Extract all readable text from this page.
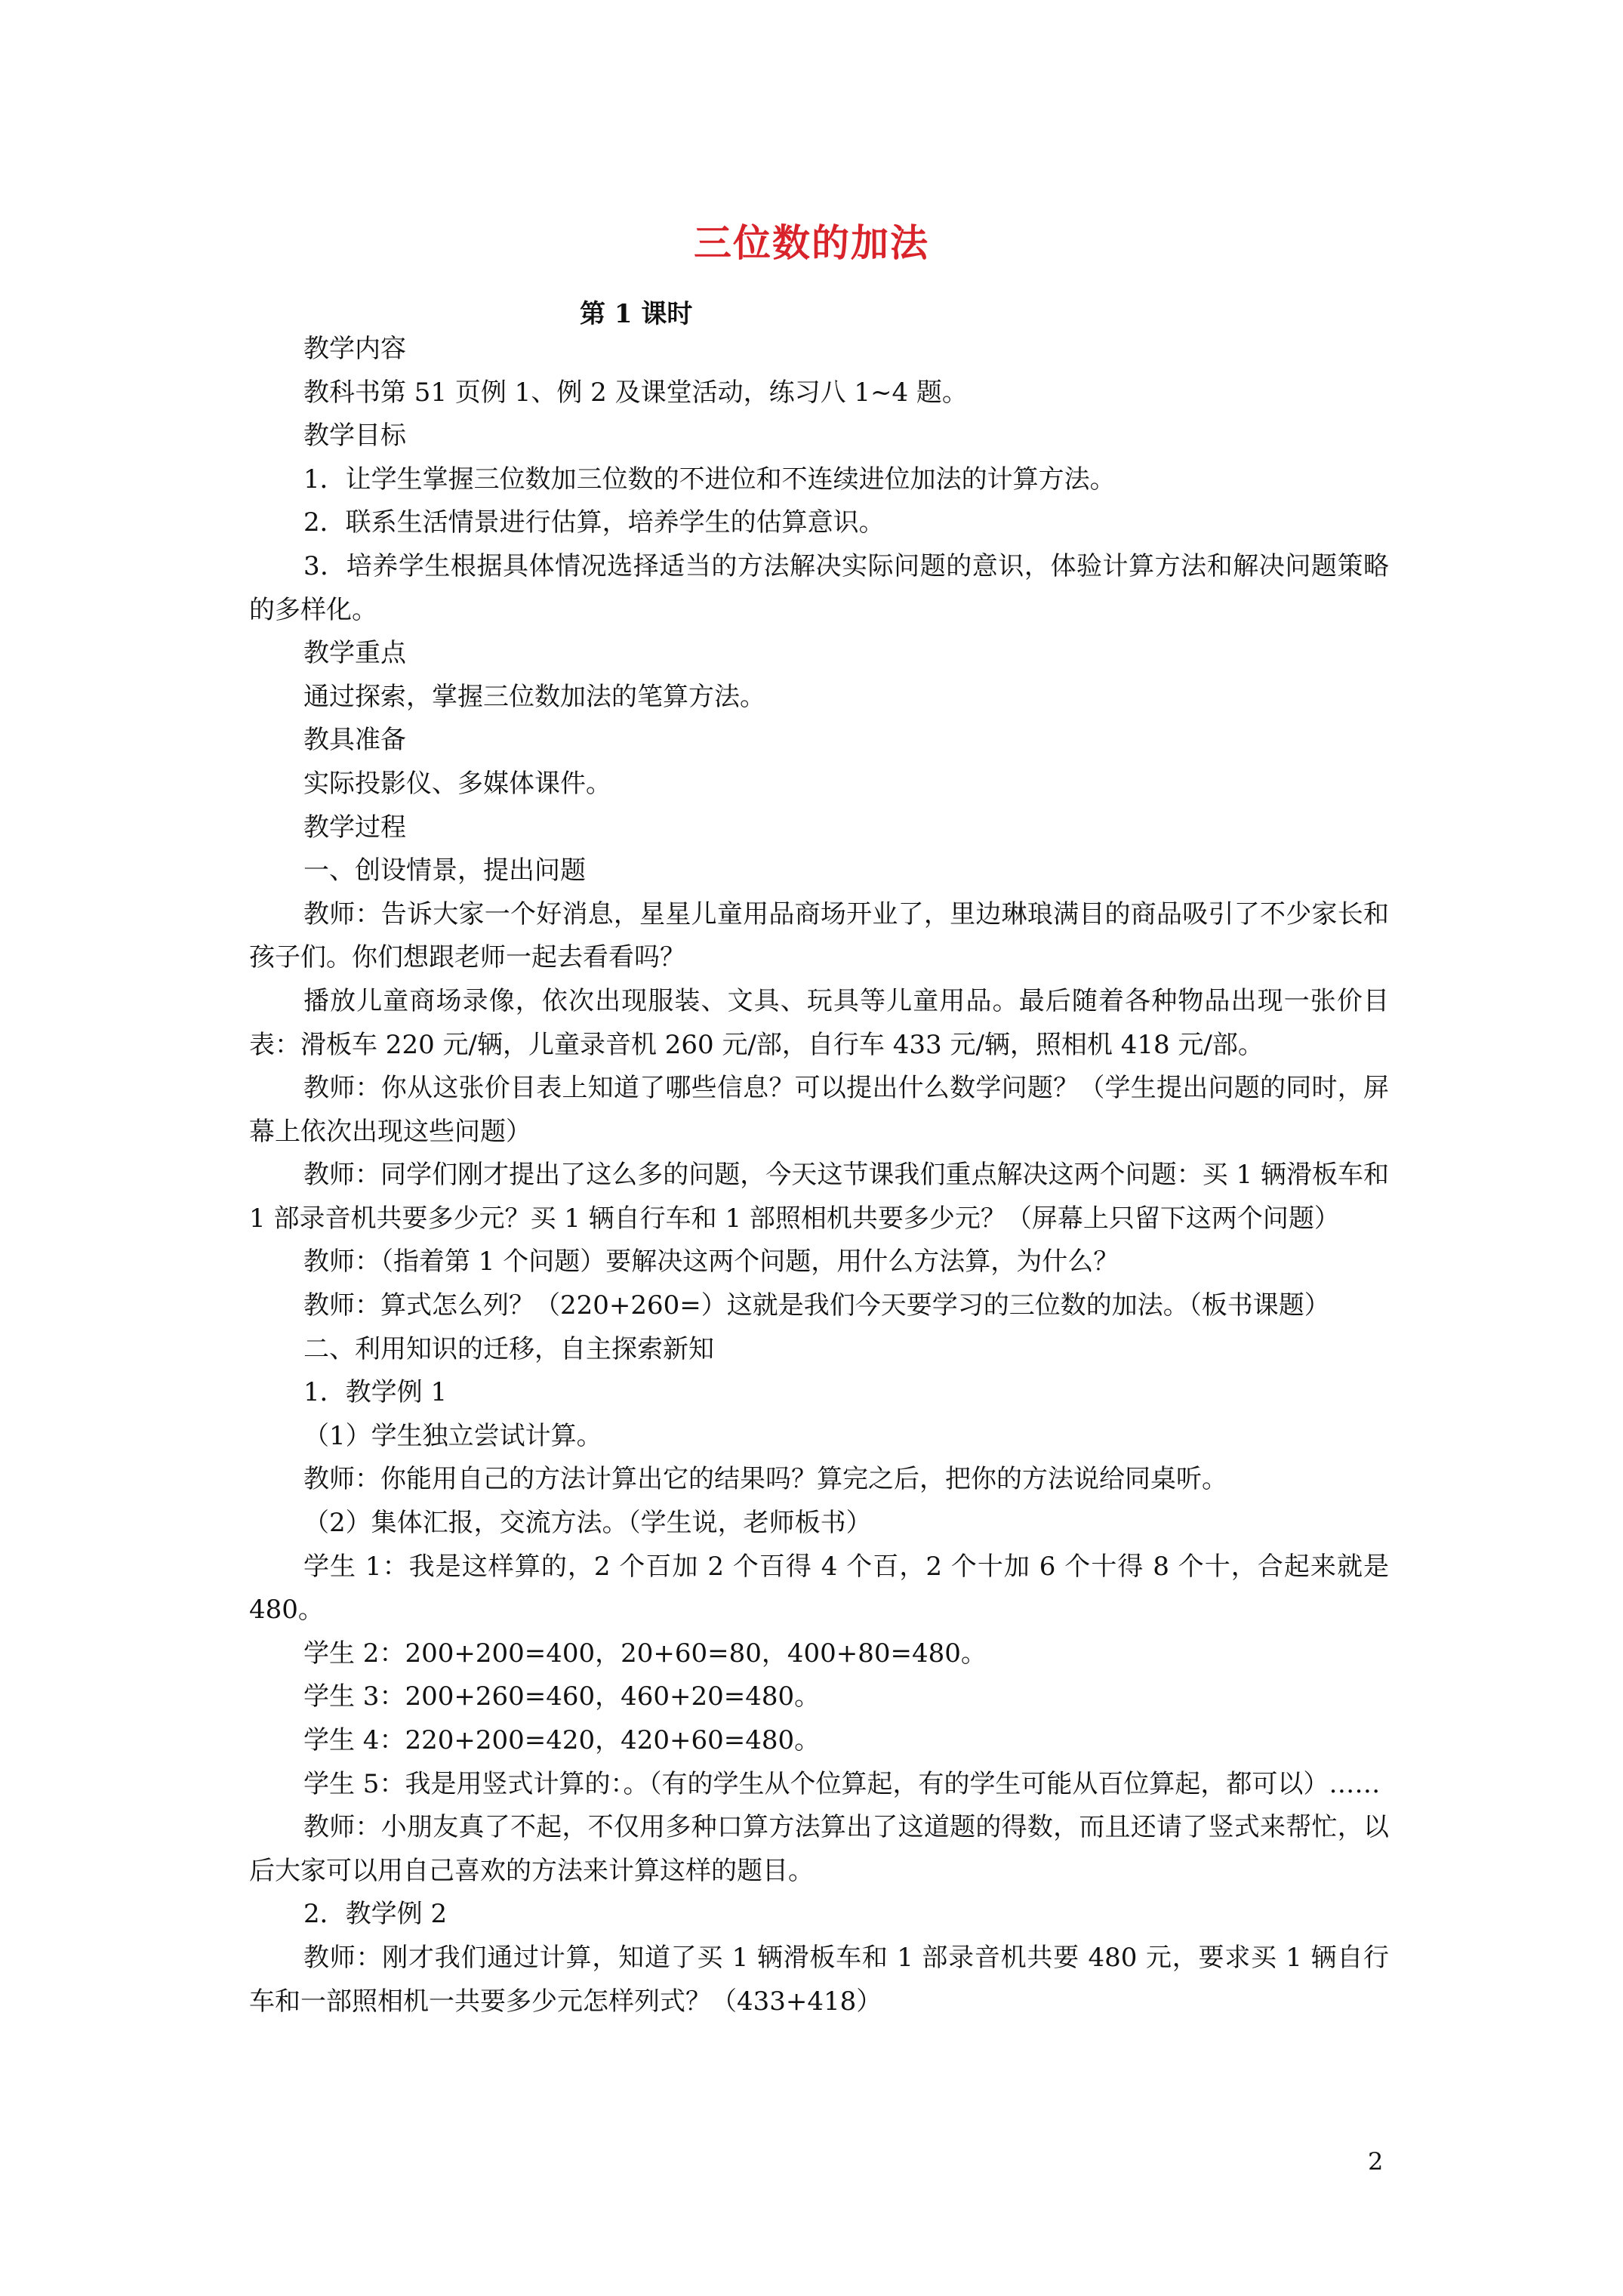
三位数的加法
第 1 课时

教学内容

教科书第 51 页例 1、例 2 及课堂活动，练习八 1~4 题。

教学目标

1．让学生掌握三位数加三位数的不进位和不连续进位加法的计算方法。

2．联系生活情景进行估算，培养学生的估算意识。

3．培养学生根据具体情况选择适当的方法解决实际问题的意识，体验计算方法和解决问题策略的多样化。

教学重点

通过探索，掌握三位数加法的笔算方法。

教具准备

实际投影仪、多媒体课件。

教学过程

一、创设情景，提出问题

教师：告诉大家一个好消息，星星儿童用品商场开业了，里边琳琅满目的商品吸引了不少家长和孩子们。你们想跟老师一起去看看吗？

播放儿童商场录像，依次出现服装、文具、玩具等儿童用品。最后随着各种物品出现一张价目表：滑板车 220 元/辆，儿童录音机 260 元/部，自行车 433 元/辆，照相机 418 元/部。

教师：你从这张价目表上知道了哪些信息？可以提出什么数学问题？（学生提出问题的同时，屏幕上依次出现这些问题）

教师：同学们刚才提出了这么多的问题，今天这节课我们重点解决这两个问题：买 1 辆滑板车和 1 部录音机共要多少元？买 1 辆自行车和 1 部照相机共要多少元？（屏幕上只留下这两个问题）

教师：（指着第 1 个问题）要解决这两个问题，用什么方法算，为什么？

教师：算式怎么列？（220+260=）这就是我们今天要学习的三位数的加法。（板书课题）

二、利用知识的迁移，自主探索新知

1．教学例 1

（1）学生独立尝试计算。

教师：你能用自己的方法计算出它的结果吗？算完之后，把你的方法说给同桌听。

（2）集体汇报，交流方法。（学生说，老师板书）

学生 1：我是这样算的，2 个百加 2 个百得 4 个百，2 个十加 6 个十得 8 个十，合起来就是 480。

学生 2：200+200=400，20+60=80，400+80=480。

学生 3：200+260=460，460+20=480。

学生 4：220+200=420，420+60=480。

学生 5：我是用竖式计算的：。（有的学生从个位算起，有的学生可能从百位算起，都可以）……

教师：小朋友真了不起，不仅用多种口算方法算出了这道题的得数，而且还请了竖式来帮忙，以后大家可以用自己喜欢的方法来计算这样的题目。

2．教学例 2

教师：刚才我们通过计算，知道了买 1 辆滑板车和 1 部录音机共要 480 元，要求买 1 辆自行车和一部照相机一共要多少元怎样列式？（433+418）

2
